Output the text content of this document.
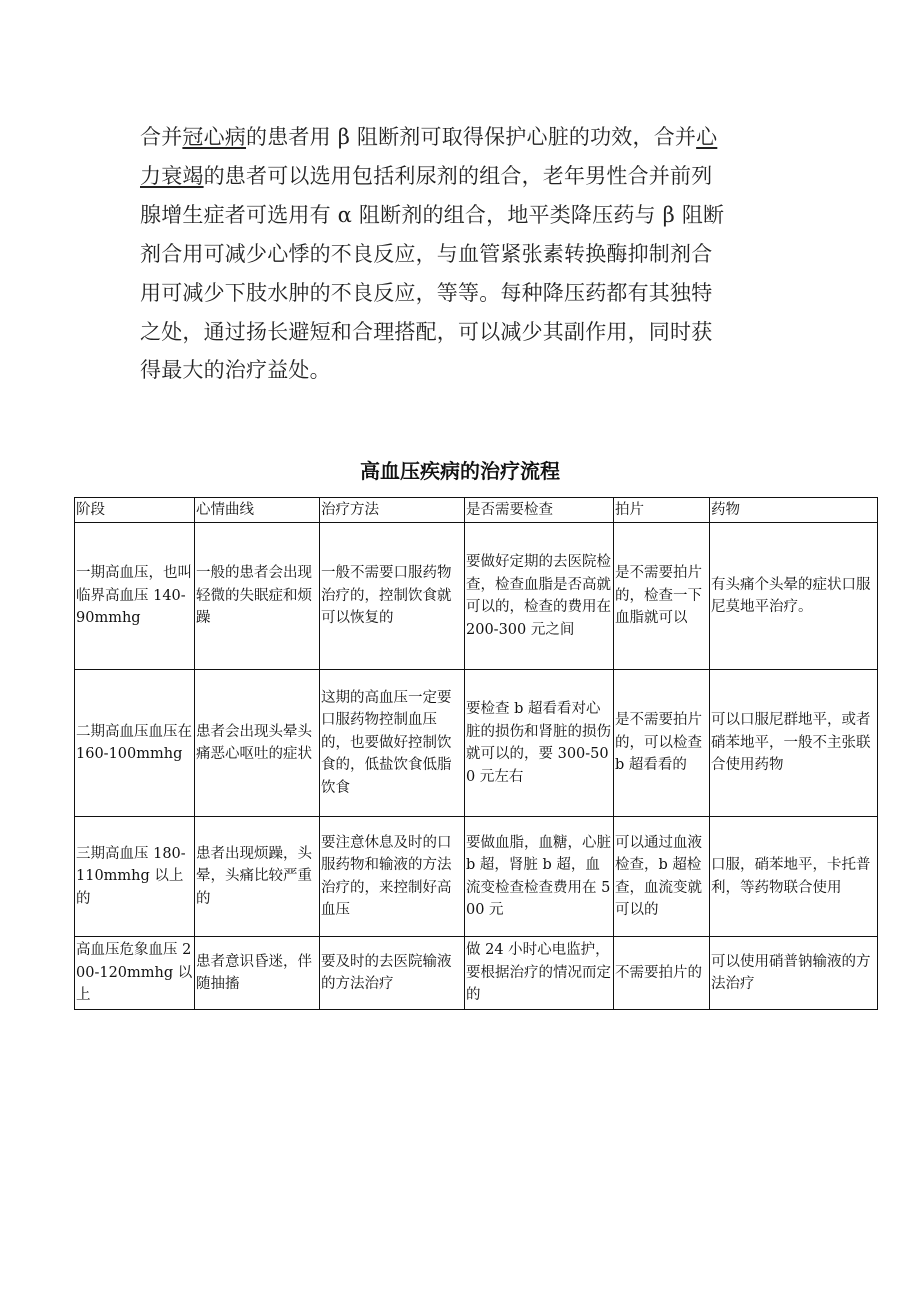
合并冠心病的患者用 β 阻断剂可取得保护心脏的功效，合并心
力衰竭的患者可以选用包括利尿剂的组合，老年男性合并前列
腺增生症者可选用有 α 阻断剂的组合，地平类降压药与 β 阻断
剂合用可减少心悸的不良反应，与血管紧张素转换酶抑制剂合
用可减少下肢水肿的不良反应，等等。每种降压药都有其独特
之处，通过扬长避短和合理搭配，可以减少其副作用，同时获
得最大的治疗益处。
高血压疾病的治疗流程
阶段	心情曲线	治疗方法	是否需要检查	拍片	药物
一期高血压，也叫临界高血压 140-90mmhg	一般的患者会出现轻微的失眠症和烦躁	一般不需要口服药物治疗的，控制饮食就可以恢复的	要做好定期的去医院检查，检查血脂是否高就可以的，检查的费用在 200-300 元之间	是不需要拍片的，检查一下血脂就可以	有头痛个头晕的症状口服尼莫地平治疗。
二期高血压血压在 160-100mmhg	患者会出现头晕头痛恶心呕吐的症状	这期的高血压一定要口服药物控制血压的，也要做好控制饮食的，低盐饮食低脂饮食	要检查 b 超看看对心脏的损伤和肾脏的损伤就可以的，要 300-500 元左右	是不需要拍片的，可以检查 b 超看看的	可以口服尼群地平，或者硝苯地平，一般不主张联合使用药物
三期高血压 180-110mmhg 以上的	患者出现烦躁，头晕，头痛比较严重的	要注意休息及时的口服药物和输液的方法治疗的，来控制好高血压	要做血脂，血糖，心脏 b 超，肾脏 b 超，血流变检查检查费用在 500 元	可以通过血液检查，b 超检查，血流变就可以的	口服，硝苯地平，卡托普利，等药物联合使用
高血压危象血压 200-120mmhg 以上	患者意识昏迷，伴随抽搐	要及时的去医院输液的方法治疗	做 24 小时心电监护，要根据治疗的情况而定的	不需要拍片的	可以使用硝普钠输液的方法治疗
